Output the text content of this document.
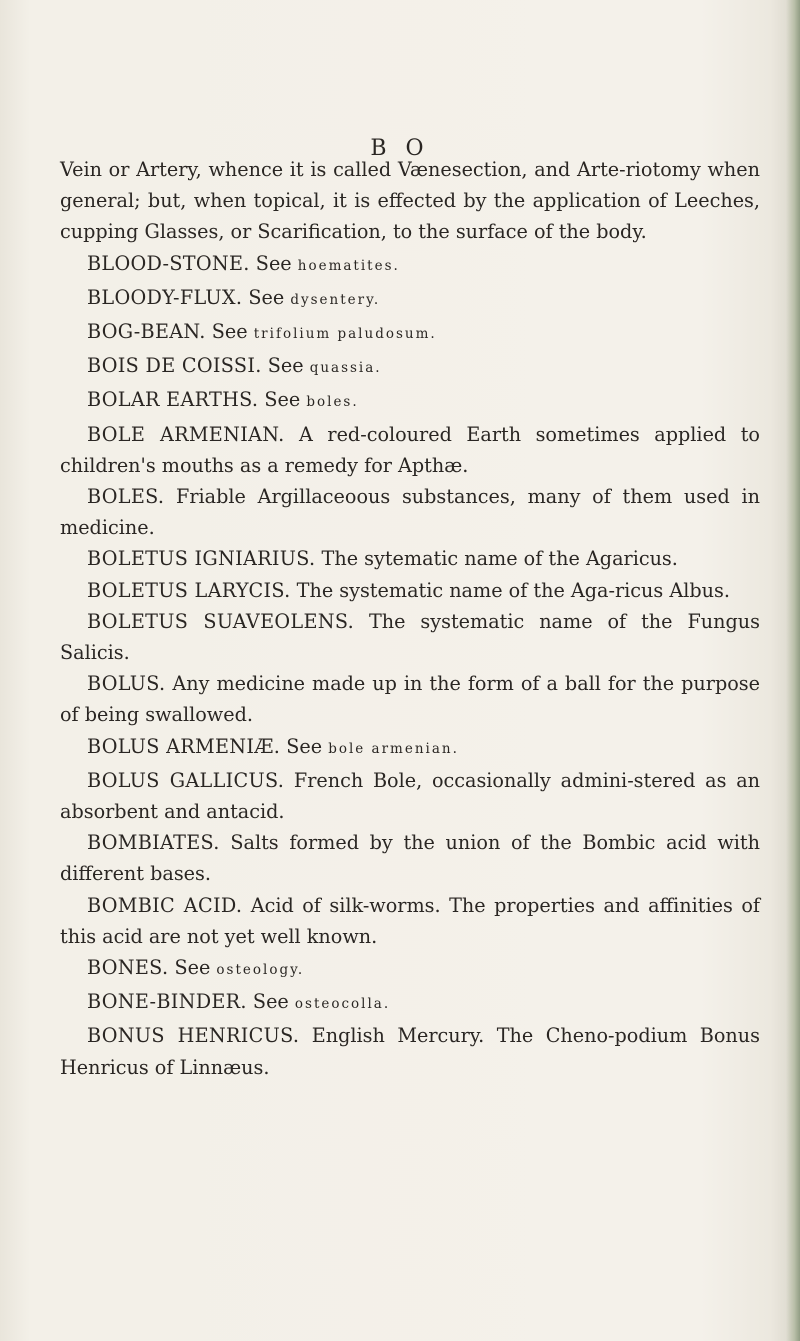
B O

Vein or Artery, whence it is called Vænesection, and Arte-riotomy when general; but, when topical, it is effected by the application of Leeches, cupping Glasses, or Scarification, to the surface of the body.

BLOOD-STONE. See hoematites.

BLOODY-FLUX. See dysentery.

BOG-BEAN. See trifolium paludosum.

BOIS DE COISSI. See quassia.

BOLAR EARTHS. See boles.

BOLE ARMENIAN. A red-coloured Earth sometimes applied to children's mouths as a remedy for Apthæ.

BOLES. Friable Argillaceoous substances, many of them used in medicine.

BOLETUS IGNIARIUS. The sytematic name of the Agaricus.

BOLETUS LARYCIS. The systematic name of the Aga-ricus Albus.

BOLETUS SUAVEOLENS. The systematic name of the Fungus Salicis.

BOLUS. Any medicine made up in the form of a ball for the purpose of being swallowed.

BOLUS ARMENIÆ. See bole armenian.

BOLUS GALLICUS. French Bole, occasionally admini-stered as an absorbent and antacid.

BOMBIATES. Salts formed by the union of the Bombic acid with different bases.

BOMBIC ACID. Acid of silk-worms. The properties and affinities of this acid are not yet well known.

BONES. See osteology.

BONE-BINDER. See osteocolla.

BONUS HENRICUS. English Mercury. The Cheno-podium Bonus Henricus of Linnæus.
